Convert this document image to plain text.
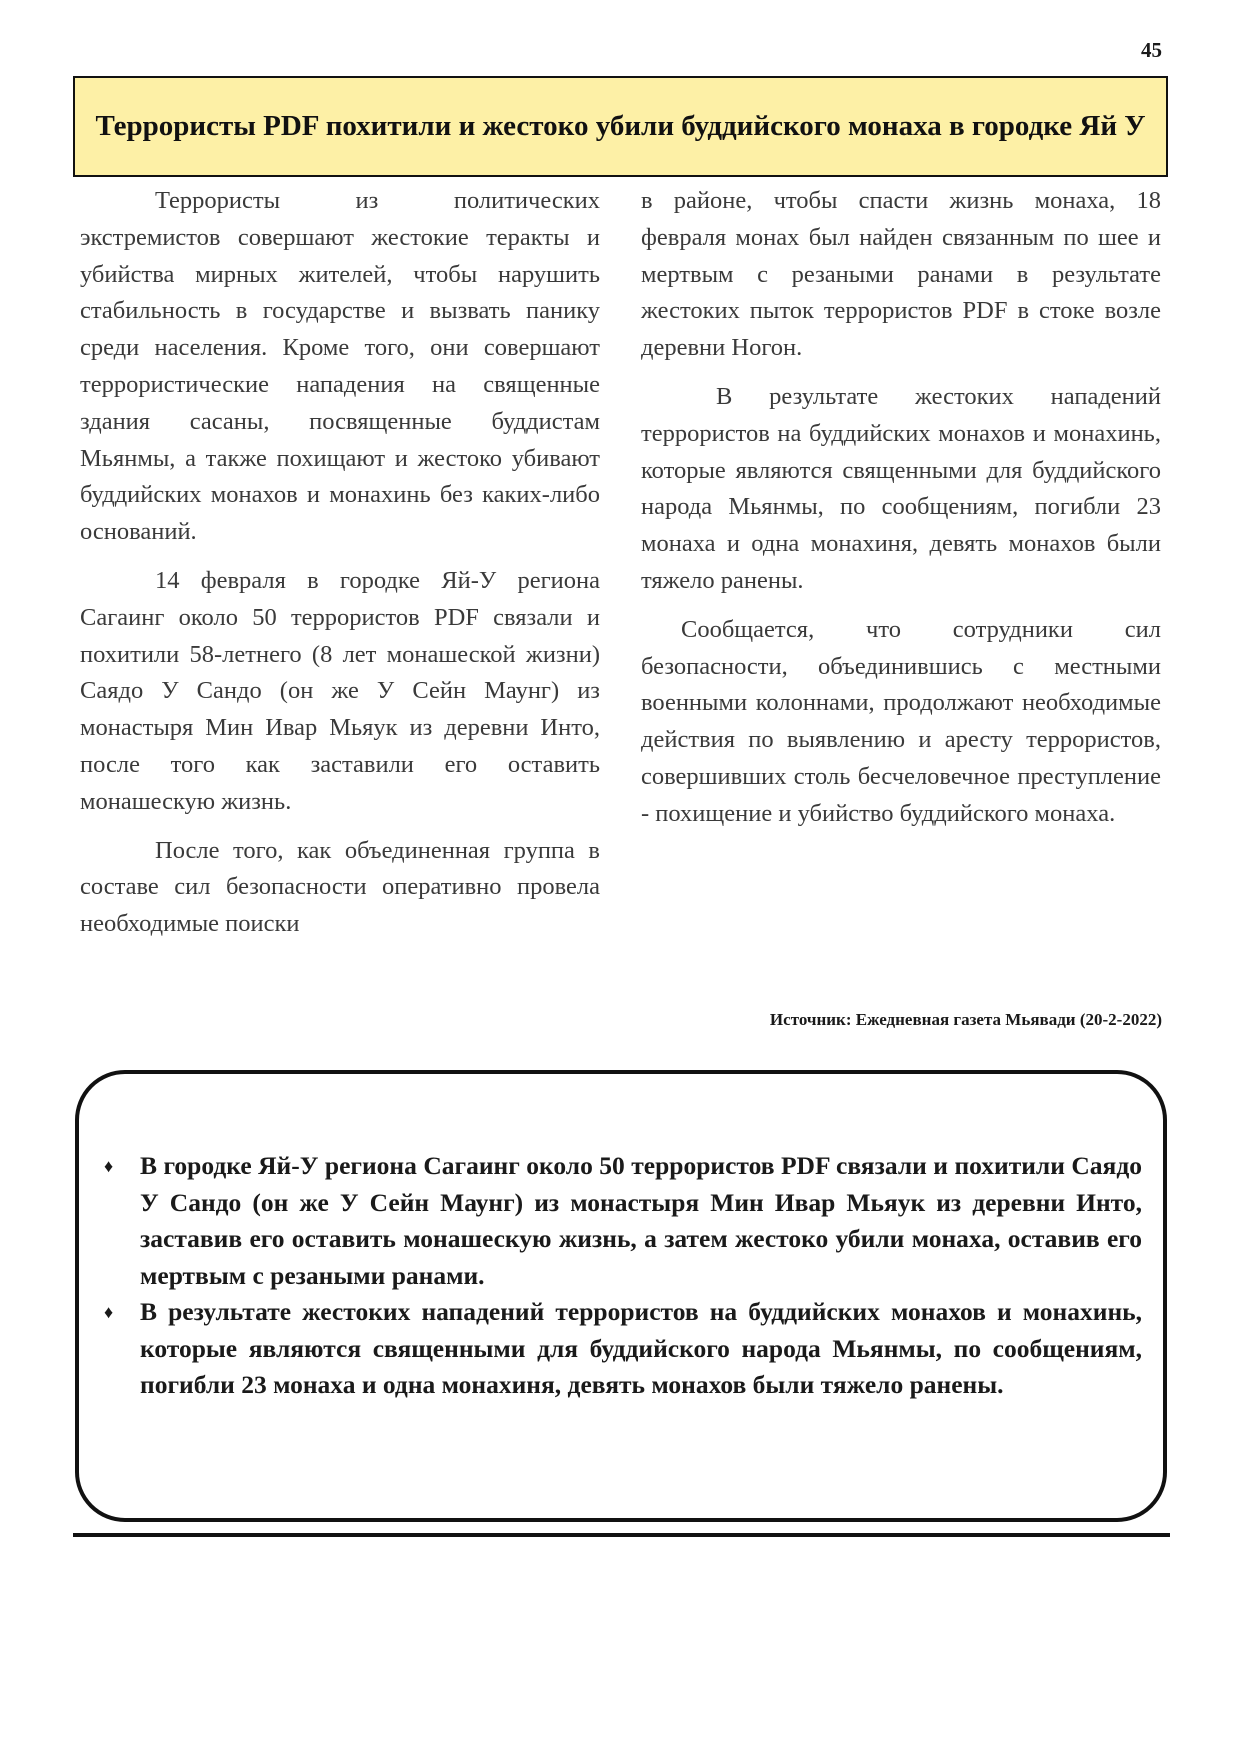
45
Террористы PDF похитили и жестоко убили буддийского монаха в городке Яй У

Террористы из политических экстремистов совершают жестокие теракты и убийства мирных жителей, чтобы нарушить стабильность в государстве и вызвать панику среди населения. Кроме того, они совершают террористические нападения на священные здания сасаны, посвященные буддистам Мьянмы, а также похищают и жестоко убивают буддийских монахов и монахинь без каких-либо оснований.

14 февраля в городке Яй-У региона Сагаинг около 50 террористов PDF связали и похитили 58-летнего (8 лет монашеской жизни) Саядо У Сандо (он же У Сейн Маунг) из монастыря Мин Ивар Мьяук из деревни Инто, после того как заставили его оставить монашескую жизнь.

После того, как объединенная группа в составе сил безопасности оперативно провела необходимые поиски

в районе, чтобы спасти жизнь монаха, 18 февраля монах был найден связанным по шее и мертвым с резаными ранами в результате жестоких пыток террористов PDF в стоке возле деревни Ногон.

В результате жестоких нападений террористов на буддийских монахов и монахинь, которые являются священными для буддийского народа Мьянмы, по сообщениям, погибли 23 монаха и одна монахиня, девять монахов были тяжело ранены.

Сообщается, что сотрудники сил безопасности, объединившись с местными военными колоннами, продолжают необходимые действия по выявлению и аресту террористов, совершивших столь бесчеловечное преступление - похищение и убийство буддийского монаха.

Источник: Ежедневная газета Мьявади (20-2-2022)
♦ В городке Яй-У региона Сагаинг около 50 террористов PDF связали и похитили Саядо У Сандо (он же У Сейн Маунг) из монастыря Мин Ивар Мьяук из деревни Инто, заставив его оставить монашескую жизнь, а затем жестоко убили монаха, оставив его мертвым с резаными ранами.
♦ В результате жестоких нападений террористов на буддийских монахов и монахинь, которые являются священными для буддийского народа Мьянмы, по сообщениям, погибли 23 монаха и одна монахиня, девять монахов были тяжело ранены.
